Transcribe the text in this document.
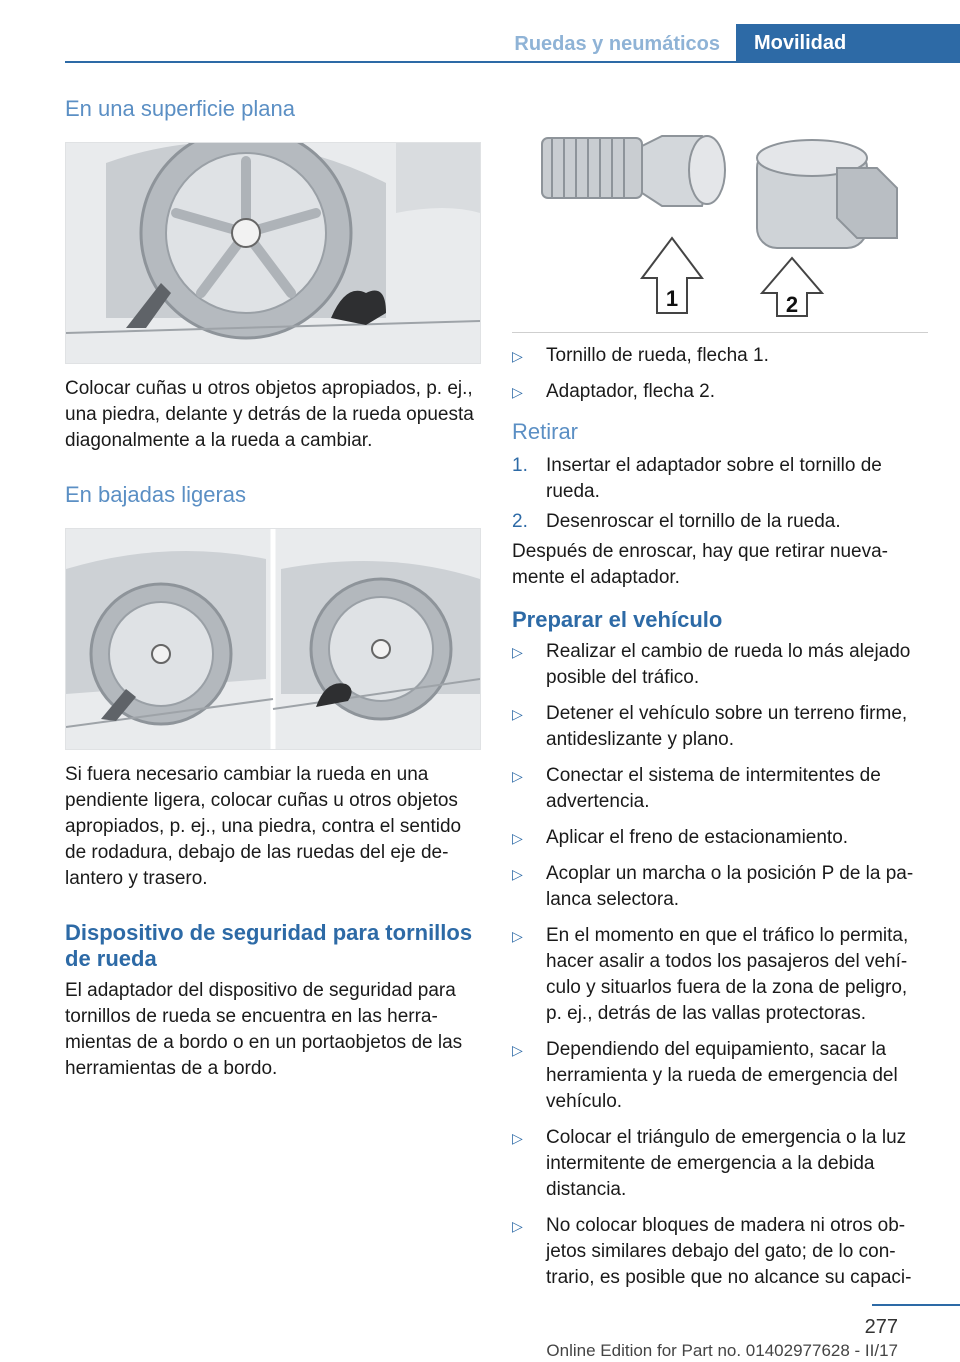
Ruedas y neumáticos	Movilidad
En una superficie plana

Colocar cuñas u otros objetos apropiados, p. ej., una piedra, delante y detrás de la rueda opuesta diagonalmente a la rueda a cambiar.

En bajadas ligeras

Si fuera necesario cambiar la rueda en una pendiente ligera, colocar cuñas u otros objetos apropiados, p. ej., una piedra, contra el sentido de rodadura, debajo de las ruedas del eje delantero y trasero.

Dispositivo de seguridad para tornillos de rueda

El adaptador del dispositivo de seguridad para tornillos de rueda se encuentra en las herramientas de a bordo o en un portaobjetos de las herramientas de a bordo.

1	2
▷ Tornillo de rueda, flecha 1.
▷ Adaptador, flecha 2.
Retirar
1. Insertar el adaptador sobre el tornillo de rueda.
2. Desenroscar el tornillo de la rueda.

Después de enroscar, hay que retirar nuevamente el adaptador.

Preparar el vehículo
▷ Realizar el cambio de rueda lo más alejado posible del tráfico.
▷ Detener el vehículo sobre un terreno firme, antideslizante y plano.
▷ Conectar el sistema de intermitentes de advertencia.
▷ Aplicar el freno de estacionamiento.
▷ Acoplar un marcha o la posición P de la palanca selectora.
▷ En el momento en que el tráfico lo permita, hacer asalir a todos los pasajeros del vehículo y situarlos fuera de la zona de peligro, p. ej., detrás de las vallas protectoras.
▷ Dependiendo del equipamiento, sacar la herramienta y la rueda de emergencia del vehículo.
▷ Colocar el triángulo de emergencia o la luz intermitente de emergencia a la debida distancia.
▷ No colocar bloques de madera ni otros objetos similares debajo del gato; de lo contrario, es posible que no alcance su capaci-
277
Online Edition for Part no. 01402977628 - II/17
